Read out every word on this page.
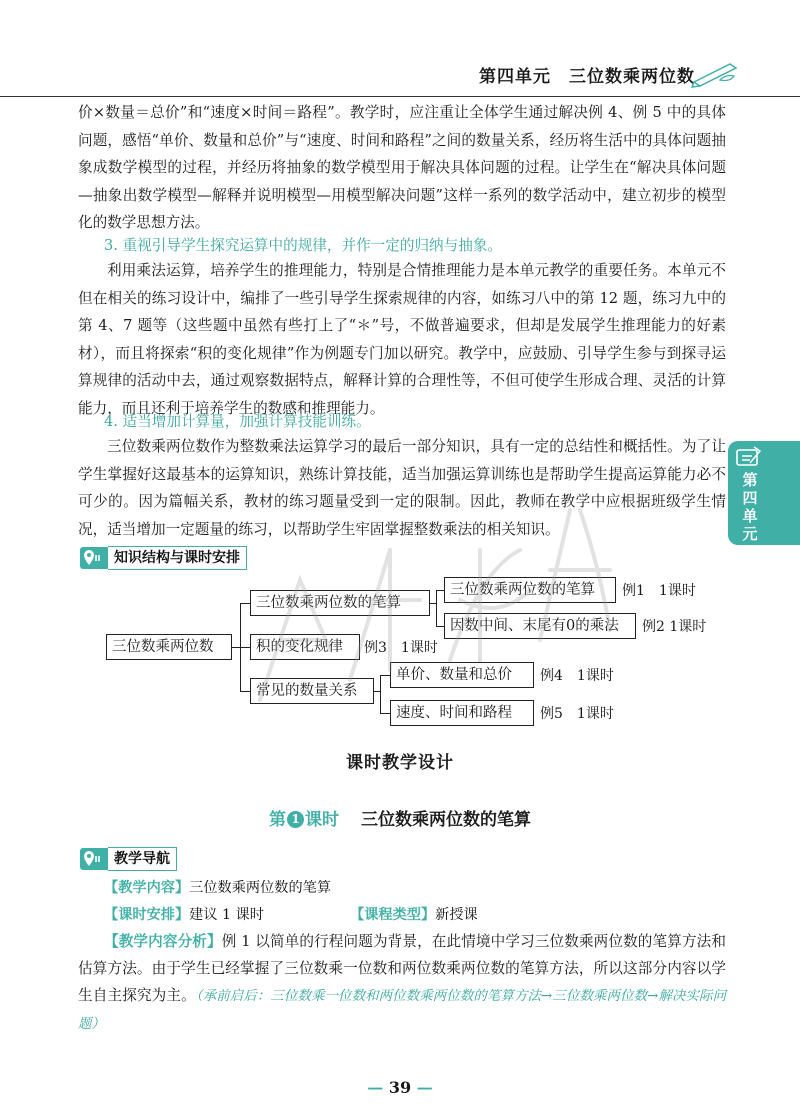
第四单元　三位数乘两位数
第四单元

价×数量＝总价”和“速度×时间＝路程”。教学时，应注重让全体学生通过解决例 4、例 5 中的具体问题，感悟“单价、数量和总价”与“速度、时间和路程”之间的数量关系，经历将生活中的具体问题抽象成数学模型的过程，并经历将抽象的数学模型用于解决具体问题的过程。让学生在“解决具体问题—抽象出数学模型—解释并说明模型—用模型解决问题”这样一系列的数学活动中，建立初步的模型化的数学思想方法。

3. 重视引导学生探究运算中的规律，并作一定的归纳与抽象。

利用乘法运算，培养学生的推理能力，特别是合情推理能力是本单元教学的重要任务。本单元不但在相关的练习设计中，编排了一些引导学生探索规律的内容，如练习八中的第 12 题，练习九中的第 4、7 题等（这些题中虽然有些打上了“＊”号，不做普遍要求，但却是发展学生推理能力的好素材），而且将探索“积的变化规律”作为例题专门加以研究。教学中，应鼓励、引导学生参与到探寻运算规律的活动中去，通过观察数据特点，解释计算的合理性等，不但可使学生形成合理、灵活的计算能力，而且还利于培养学生的数感和推理能力。

4. 适当增加计算量，加强计算技能训练。

三位数乘两位数作为整数乘法运算学习的最后一部分知识，具有一定的总结性和概括性。为了让学生掌握好这最基本的运算知识，熟练计算技能，适当加强运算训练也是帮助学生提高运算能力必不可少的。因为篇幅关系，教材的练习题量受到一定的限制。因此，教师在教学中应根据班级学生情况，适当增加一定题量的练习，以帮助学生牢固掌握整数乘法的相关知识。

知识结构与课时安排
三位数乘两位数
三位数乘两位数的笔算
积的变化规律
常见的数量关系
三位数乘两位数的笔算
因数中间、末尾有0的乘法
单价、数量和总价
速度、时间和路程
例1　1课时
例2 1课时
例3　1课时
例4　1课时
例5　1课时
课时教学设计
第 1 课时 三位数乘两位数的笔算
教学导航
【教学内容】三位数乘两位数的笔算
【课时安排】建议 1 课时	【课程类型】新授课

【教学内容分析】例 1 以简单的行程问题为背景，在此情境中学习三位数乘两位数的笔算方法和估算方法。由于学生已经掌握了三位数乘一位数和两位数乘两位数的笔算方法，所以这部分内容以学生自主探究为主。（承前启后：三位数乘一位数和两位数乘两位数的笔算方法→三位数乘两位数→解决实际问题）

— 39 —
